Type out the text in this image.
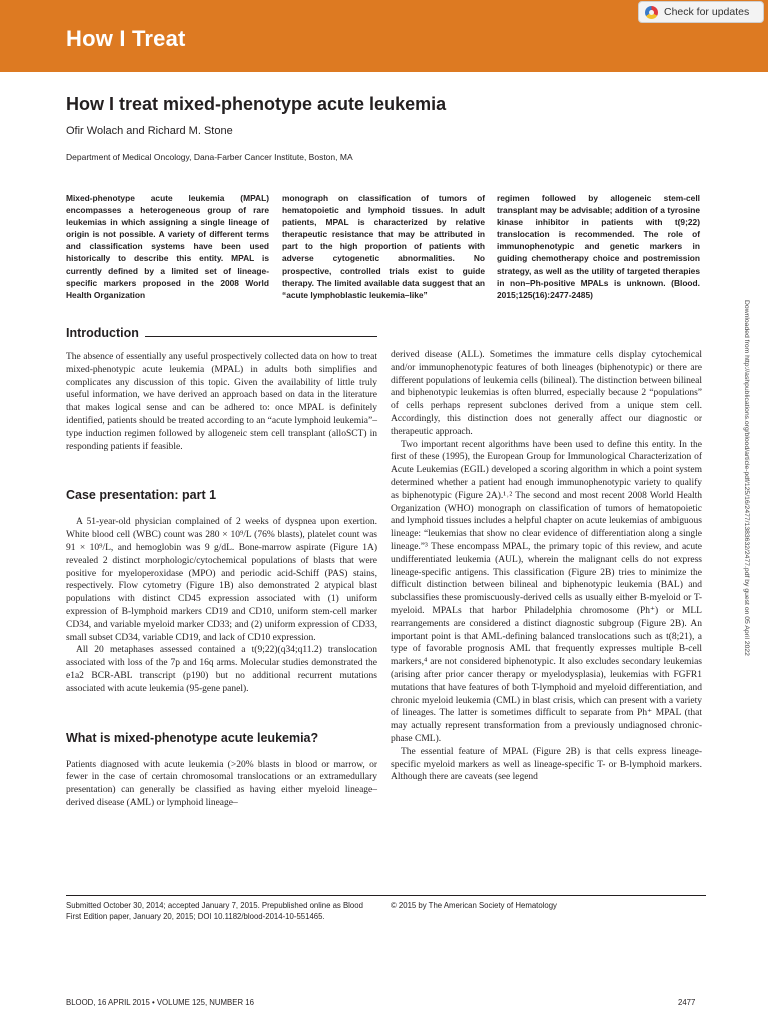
How I Treat
Check for updates
How I treat mixed-phenotype acute leukemia
Ofir Wolach and Richard M. Stone
Department of Medical Oncology, Dana-Farber Cancer Institute, Boston, MA
Mixed-phenotype acute leukemia (MPAL) encompasses a heterogeneous group of rare leukemias in which assigning a single lineage of origin is not possible. A variety of different terms and classification systems have been used historically to describe this entity. MPAL is currently defined by a limited set of lineage-specific markers proposed in the 2008 World Health Organization
monograph on classification of tumors of hematopoietic and lymphoid tissues. In adult patients, MPAL is characterized by relative therapeutic resistance that may be attributed in part to the high proportion of patients with adverse cytogenetic abnormalities. No prospective, controlled trials exist to guide therapy. The limited available data suggest that an “acute lymphoblastic leukemia–like”
regimen followed by allogeneic stem-cell transplant may be advisable; addition of a tyrosine kinase inhibitor in patients with t(9;22) translocation is recommended. The role of immunophenotypic and genetic markers in guiding chemotherapy choice and postremission strategy, as well as the utility of targeted therapies in non–Ph-positive MPALs is unknown. (Blood. 2015;125(16):2477-2485)
Introduction

The absence of essentially any useful prospectively collected data on how to treat mixed-phenotypic acute leukemia (MPAL) in adults both simplifies and complicates any discussion of this topic. Given the availability of little truly useful information, we have derived an approach based on data in the literature that makes logical sense and can be adhered to: once MPAL is definitely identified, patients should be treated according to an “acute lymphoid leukemia”–type induction regimen followed by allogeneic stem cell transplant (alloSCT) in responding patients if feasible.

Case presentation: part 1

A 51-year-old physician complained of 2 weeks of dyspnea upon exertion. White blood cell (WBC) count was 280 × 10⁹/L (76% blasts), platelet count was 91 × 10⁹/L, and hemoglobin was 9 g/dL. Bone-marrow aspirate (Figure 1A) revealed 2 distinct morphologic/cytochemical populations of blasts that were positive for myeloperoxidase (MPO) and periodic acid-Schiff (PAS) stains, respectively. Flow cytometry (Figure 1B) also demonstrated 2 atypical blast populations with distinct CD45 expression associated with (1) uniform expression of B-lymphoid markers CD19 and CD10, uniform stem-cell marker CD34, and variable myeloid marker CD33; and (2) uniform expression of CD33, small subset CD34, variable CD19, and lack of CD10 expression.

All 20 metaphases assessed contained a t(9;22)(q34;q11.2) translocation associated with loss of the 7p and 16q arms. Molecular studies demonstrated the e1a2 BCR-ABL transcript (p190) but no additional recurrent mutations associated with acute leukemia (95-gene panel).

What is mixed-phenotype acute leukemia?

Patients diagnosed with acute leukemia (>20% blasts in blood or marrow, or fewer in the case of certain chromosomal translocations or an extramedullary presentation) can generally be classified as having either myeloid lineage–derived disease (AML) or lymphoid lineage–

derived disease (ALL). Sometimes the immature cells display cytochemical and/or immunophenotypic features of both lineages (biphenotypic) or there are different populations of leukemia cells (bilineal). The distinction between bilineal and biphenotypic leukemias is often blurred, especially because 2 “populations” of cells perhaps represent subclones derived from a unique stem cell. Accordingly, this distinction does not generally affect our diagnostic or therapeutic approach.

Two important recent algorithms have been used to define this entity. In the first of these (1995), the European Group for Immunological Characterization of Acute Leukemias (EGIL) developed a scoring algorithm in which a point system determined whether a patient had enough immunophenotypic variety to qualify as biphenotypic (Figure 2A).¹˒² The second and most recent 2008 World Health Organization (WHO) monograph on classification of tumors of hematopoietic and lymphoid tissues includes a helpful chapter on acute leukemias of ambiguous lineage: “leukemias that show no clear evidence of differentiation along a single lineage.”³ These encompass MPAL, the primary topic of this review, and acute undifferentiated leukemia (AUL), wherein the malignant cells do not express lineage-specific antigens. This classification (Figure 2B) tries to minimize the difficult distinction between bilineal and biphenotypic leukemia (BAL) and subclassifies these promiscuously-derived cells as usually either B-myeloid or T-myeloid. MPALs that harbor Philadelphia chromosome (Ph⁺) or MLL rearrangements are considered a distinct diagnostic subgroup (Figure 2B). An important point is that AML-defining balanced translocations such as t(8;21), a type of favorable prognosis AML that frequently expresses multiple B-cell markers,⁴ are not considered biphenotypic. It also excludes secondary leukemias (arising after prior cancer therapy or myelodysplasia), leukemias with FGFR1 mutations that have features of both T-lymphoid and myeloid differentiation, and chronic myeloid leukemia (CML) in blast crisis, which can present with a variety of lineages. The latter is sometimes difficult to separate from Ph⁺ MPAL (that may actually represent transformation from a previously undiagnosed chronic-phase CML).

The essential feature of MPAL (Figure 2B) is that cells express lineage-specific myeloid markers as well as lineage-specific T- or B-lymphoid markers. Although there are caveats (see legend

Submitted October 30, 2014; accepted January 7, 2015. Prepublished online as Blood First Edition paper, January 20, 2015; DOI 10.1182/blood-2014-10-551465.
© 2015 by The American Society of Hematology
BLOOD, 16 APRIL 2015 • VOLUME 125, NUMBER 16	2477
Downloaded from http://ashpublications.org/blood/article-pdf/125/16/2477/1383632/2477.pdf by guest on 05 April 2022
